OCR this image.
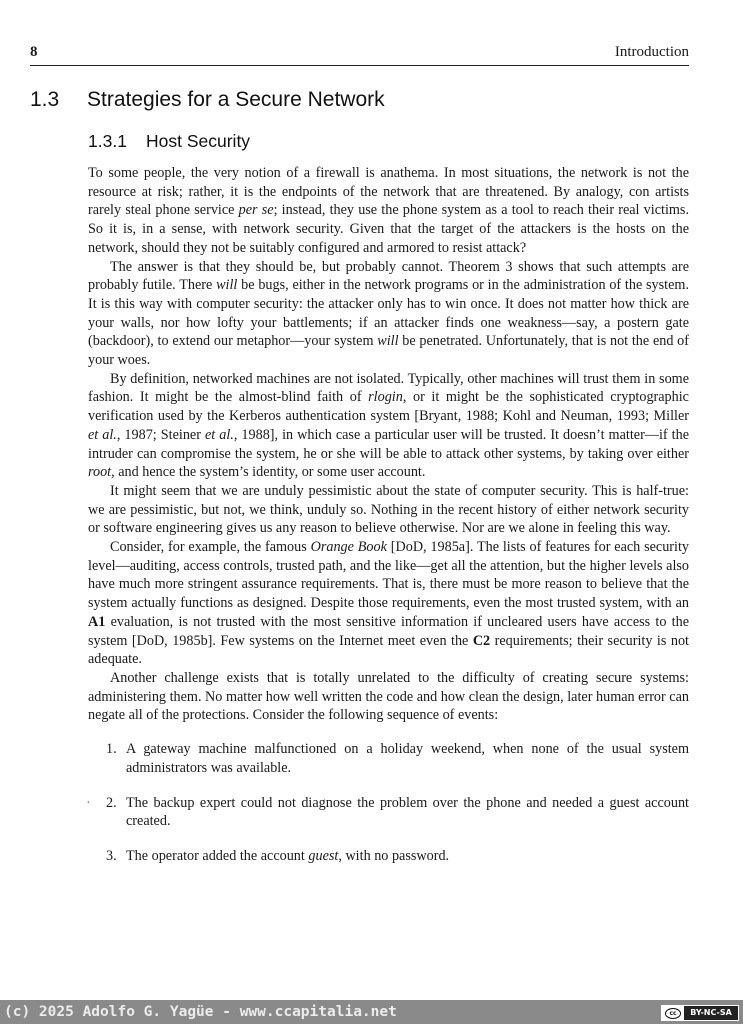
8	Introduction
1.3 Strategies for a Secure Network
1.3.1 Host Security

To some people, the very notion of a firewall is anathema. In most situations, the network is not the resource at risk; rather, it is the endpoints of the network that are threatened. By analogy, con artists rarely steal phone service per se; instead, they use the phone system as a tool to reach their real victims. So it is, in a sense, with network security. Given that the target of the attackers is the hosts on the network, should they not be suitably configured and armored to resist attack?

The answer is that they should be, but probably cannot. Theorem 3 shows that such attempts are probably futile. There will be bugs, either in the network programs or in the administration of the system. It is this way with computer security: the attacker only has to win once. It does not matter how thick are your walls, nor how lofty your battlements; if an attacker finds one weakness—say, a postern gate (backdoor), to extend our metaphor—your system will be penetrated. Unfortunately, that is not the end of your woes.

By definition, networked machines are not isolated. Typically, other machines will trust them in some fashion. It might be the almost-blind faith of rlogin, or it might be the sophisticated cryptographic verification used by the Kerberos authentication system [Bryant, 1988; Kohl and Neuman, 1993; Miller et al., 1987; Steiner et al., 1988], in which case a particular user will be trusted. It doesn’t matter—if the intruder can compromise the system, he or she will be able to attack other systems, by taking over either root, and hence the system’s identity, or some user account.

It might seem that we are unduly pessimistic about the state of computer security. This is half-true: we are pessimistic, but not, we think, unduly so. Nothing in the recent history of either network security or software engineering gives us any reason to believe otherwise. Nor are we alone in feeling this way.

Consider, for example, the famous Orange Book [DoD, 1985a]. The lists of features for each security level—auditing, access controls, trusted path, and the like—get all the attention, but the higher levels also have much more stringent assurance requirements. That is, there must be more reason to believe that the system actually functions as designed. Despite those requirements, even the most trusted system, with an A1 evaluation, is not trusted with the most sensitive information if uncleared users have access to the system [DoD, 1985b]. Few systems on the Internet meet even the C2 requirements; their security is not adequate.

Another challenge exists that is totally unrelated to the difficulty of creating secure systems: administering them. No matter how well written the code and how clean the design, later human error can negate all of the protections. Consider the following sequence of events:

1. A gateway machine malfunctioned on a holiday weekend, when none of the usual system administrators was available.
· 2. The backup expert could not diagnose the problem over the phone and needed a guest account created.
3. The operator added the account guest, with no password.
(c) 2025 Adolfo G. Yagüe - www.ccapitalia.net	cc	BY-NC-SA
